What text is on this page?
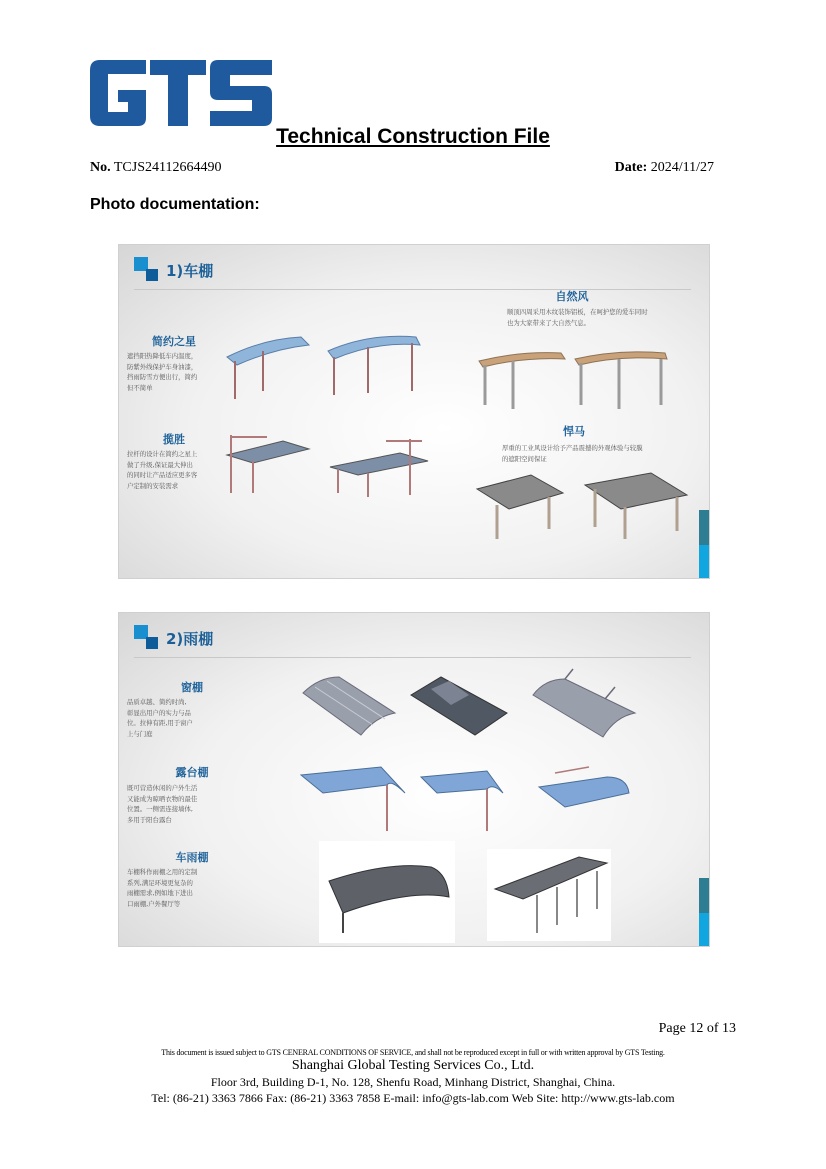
Technical Construction File
No. TCJS24112664490	Date: 2024/11/27
Photo documentation:
1)车棚
简约之星
遮挡阳热降低车内温度，
防紫外线保护车身油漆，
挡雨防雪方便出行，简约
但不简单
揽胜
拉杆的设计在简约之星上
做了升级,保证最大伸出
的同时让产品适应更多客
户定制的安装需求
自然风
顺顶四周采用木纹装饰铝板，在呵护您的爱车同时
也为大家带来了大自然气息。
悍马
厚重的工业风设计给予产品震撼的外观体验与较膜
的遮阳空间保证
2)雨棚
窗棚
品质卓越、简约时尚,
彰显出用户的实力与品
位。拉伸有距,用于窗户
上与门庭
露台棚
既可营造休闲的户外生活
又能成为晾晒衣物的最佳
位置。一侧需连接墙体,
多用于阳台露台
车雨棚
车棚科作雨棚之用的定制
系列,满足环境更复杂的
雨棚需求,例如地下进出
口雨棚,户外餐厅等
Page 12 of 13
This document is issued subject to GTS CENERAL CONDITIONS OF SERVICE, and shall not be reproduced except in full or with written approval by GTS Testing.
Shanghai Global Testing Services Co., Ltd.
Floor 3rd, Building D-1, No. 128, Shenfu Road, Minhang District, Shanghai, China.
Tel: (86-21) 3363 7866 Fax: (86-21) 3363 7858 E-mail: info@gts-lab.com Web Site: http://www.gts-lab.com
